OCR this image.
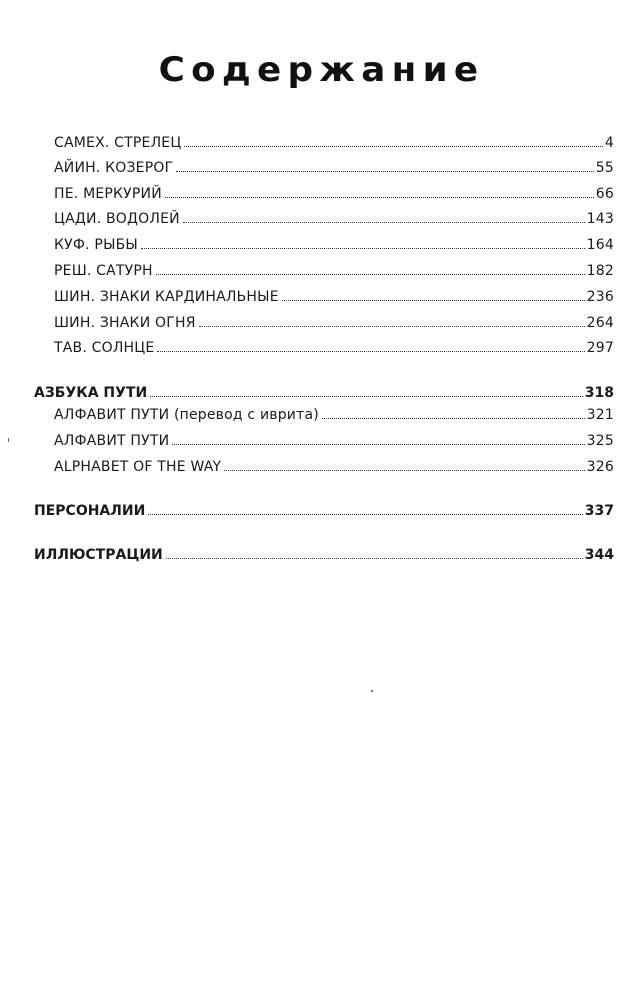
Содержание
САМЕХ. СТРЕЛЕЦ	4
АЙИН. КОЗЕРОГ	55
ПЕ. МЕРКУРИЙ	66
ЦАДИ. ВОДОЛЕЙ	143
КУФ. РЫБЫ	164
РЕШ. САТУРН	182
ШИН. ЗНАКИ КАРДИНАЛЬНЫЕ	236
ШИН. ЗНАКИ ОГНЯ	264
ТАВ. СОЛНЦЕ	297
АЗБУКА ПУТИ	318
АЛФАВИТ ПУТИ (перевод с иврита)	321
АЛФАВИТ ПУТИ	325
ALPHABET OF THE WAY	326
ПЕРСОНАЛИИ	337
ИЛЛЮСТРАЦИИ	344
